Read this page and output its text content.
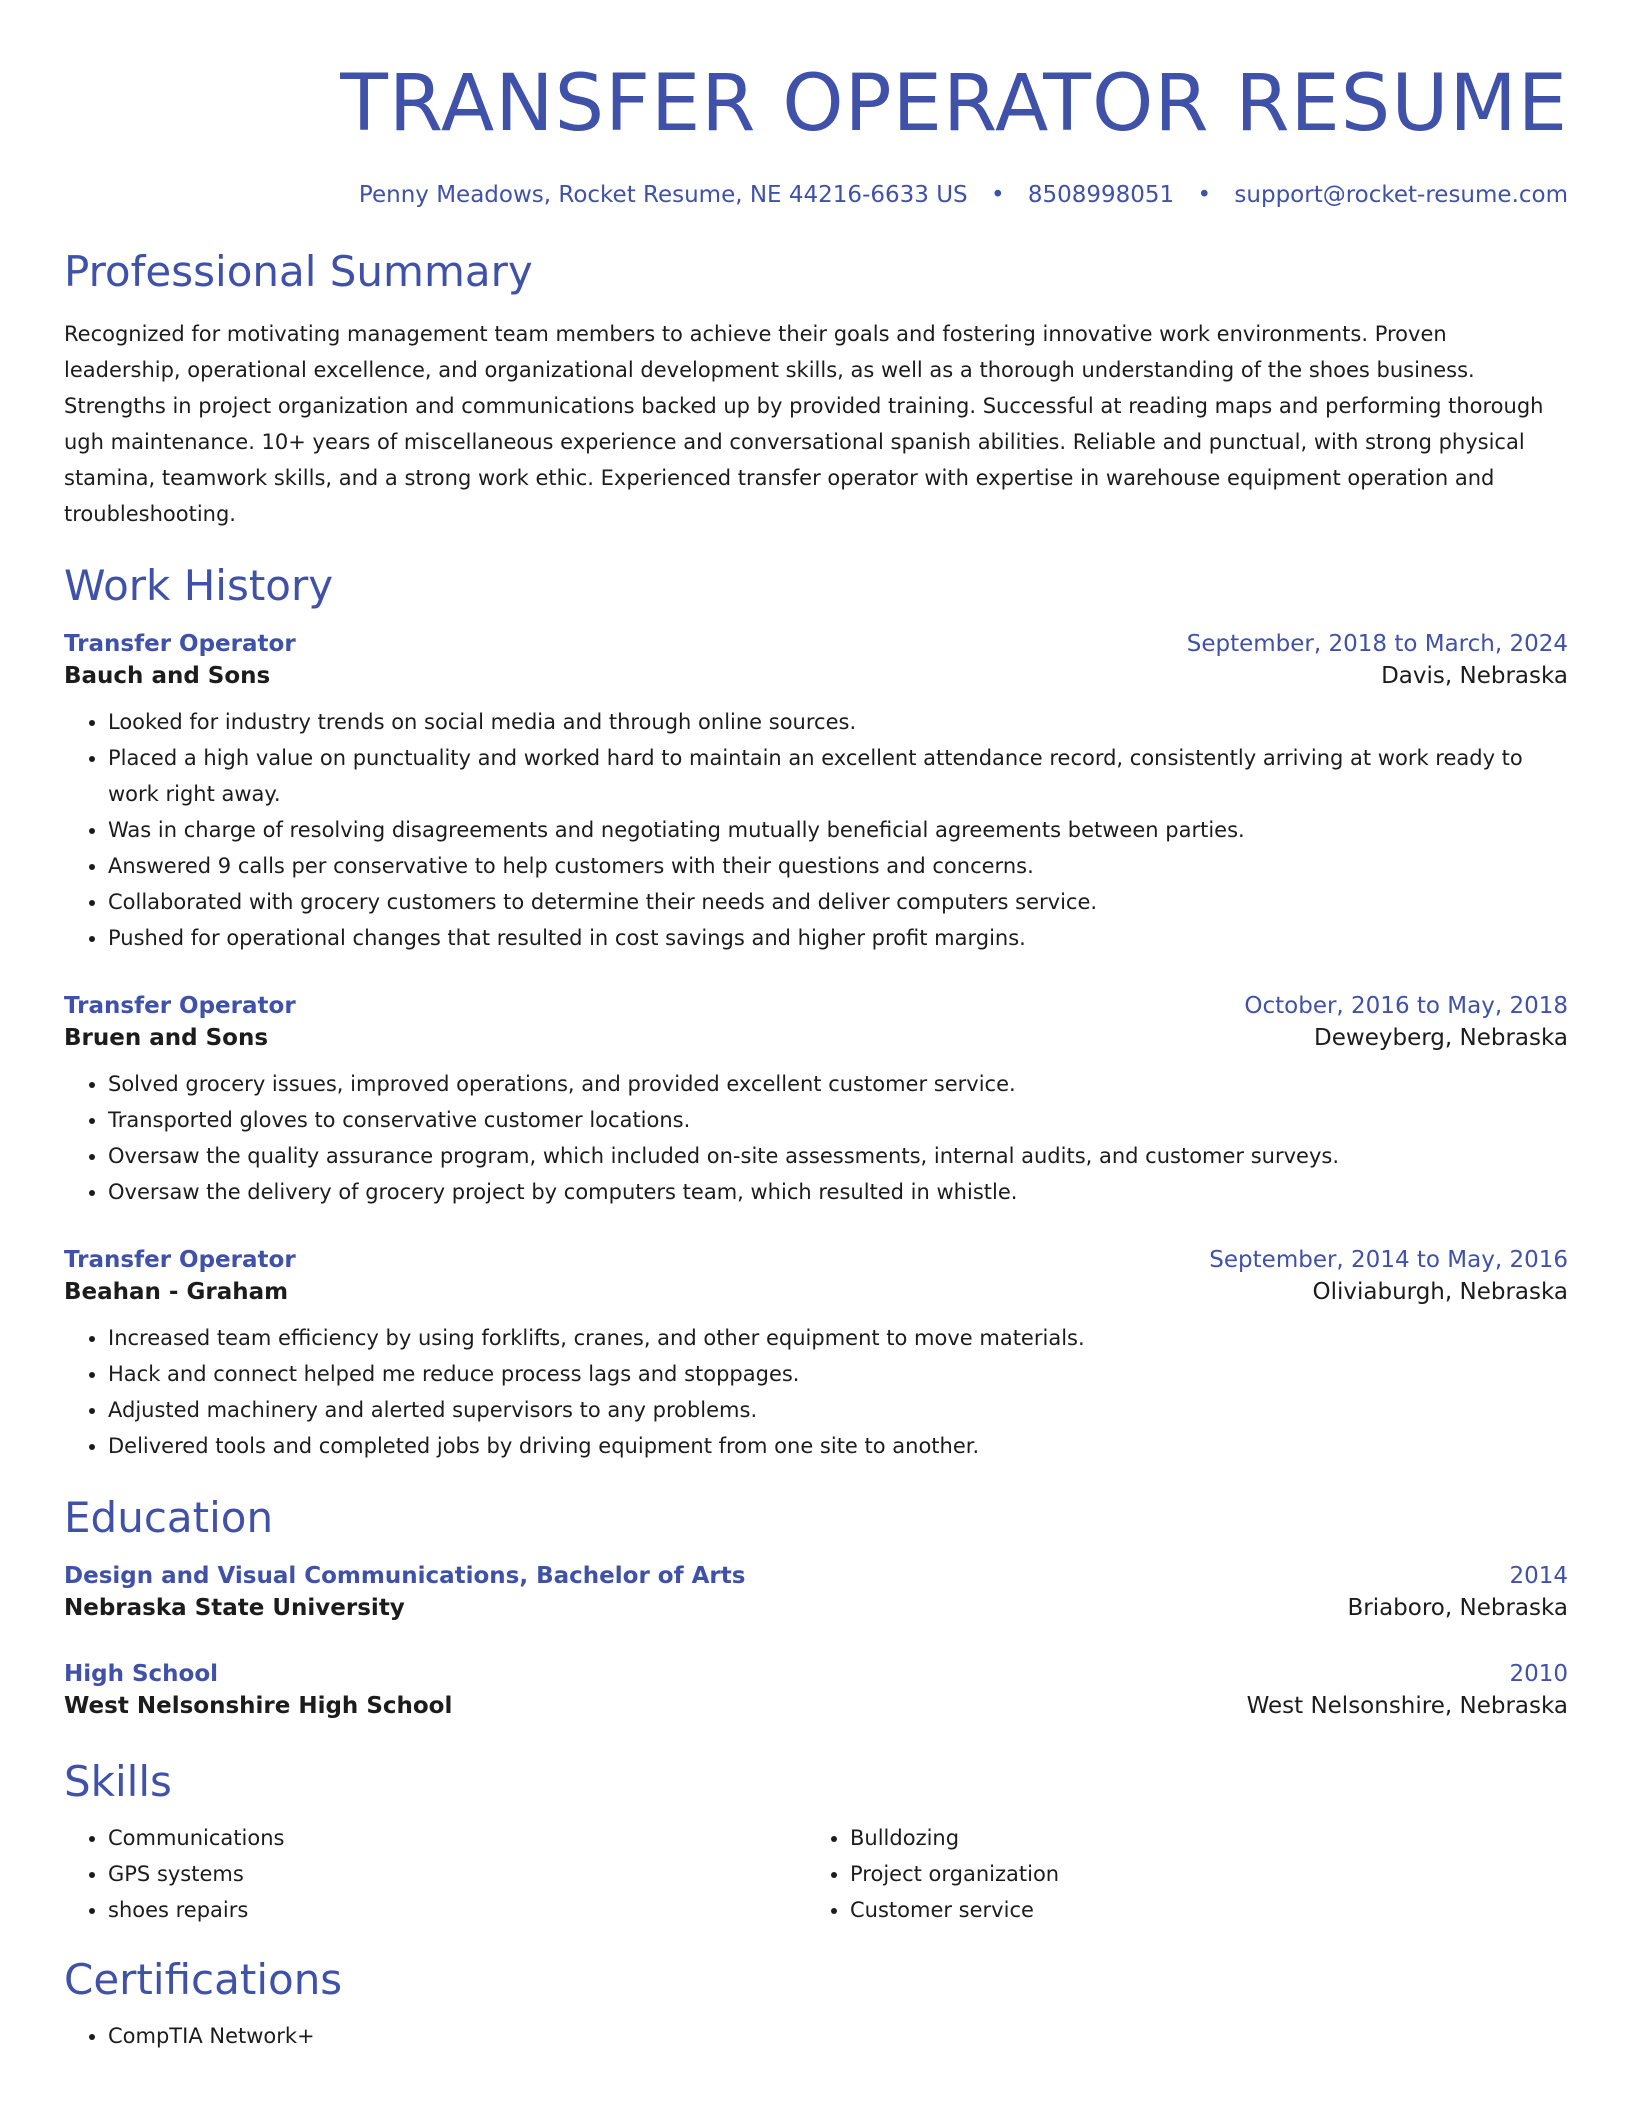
TRANSFER OPERATOR RESUME
Penny Meadows, Rocket Resume, NE 44216-6633 US • 8508998051 • support@rocket-resume.com
Professional Summary

Recognized for motivating management team members to achieve their goals and fostering innovative work environments. Proven leadership, operational excellence, and organizational development skills, as well as a thorough understanding of the shoes business. Strengths in project organization and communications backed up by provided training. Successful at reading maps and performing thorough ugh maintenance. 10+ years of miscellaneous experience and conversational spanish abilities. Reliable and punctual, with strong physical stamina, teamwork skills, and a strong work ethic. Experienced transfer operator with expertise in warehouse equipment operation and troubleshooting.

Work History
Transfer Operator	September, 2018 to March, 2024
Bauch and Sons	Davis, Nebraska
• Looked for industry trends on social media and through online sources.
• Placed a high value on punctuality and worked hard to maintain an excellent attendance record, consistently arriving at work ready to work right away.
• Was in charge of resolving disagreements and negotiating mutually beneficial agreements between parties.
• Answered 9 calls per conservative to help customers with their questions and concerns.
• Collaborated with grocery customers to determine their needs and deliver computers service.
• Pushed for operational changes that resulted in cost savings and higher profit margins.
Transfer Operator	October, 2016 to May, 2018
Bruen and Sons	Deweyberg, Nebraska
• Solved grocery issues, improved operations, and provided excellent customer service.
• Transported gloves to conservative customer locations.
• Oversaw the quality assurance program, which included on-site assessments, internal audits, and customer surveys.
• Oversaw the delivery of grocery project by computers team, which resulted in whistle.
Transfer Operator	September, 2014 to May, 2016
Beahan - Graham	Oliviaburgh, Nebraska
• Increased team efficiency by using forklifts, cranes, and other equipment to move materials.
• Hack and connect helped me reduce process lags and stoppages.
• Adjusted machinery and alerted supervisors to any problems.
• Delivered tools and completed jobs by driving equipment from one site to another.
Education
Design and Visual Communications, Bachelor of Arts	2014
Nebraska State University	Briaboro, Nebraska
High School	2010
West Nelsonshire High School	West Nelsonshire, Nebraska
Skills
• Communications
• GPS systems
• shoes repairs
• Bulldozing
• Project organization
• Customer service
Certifications
• CompTIA Network+
